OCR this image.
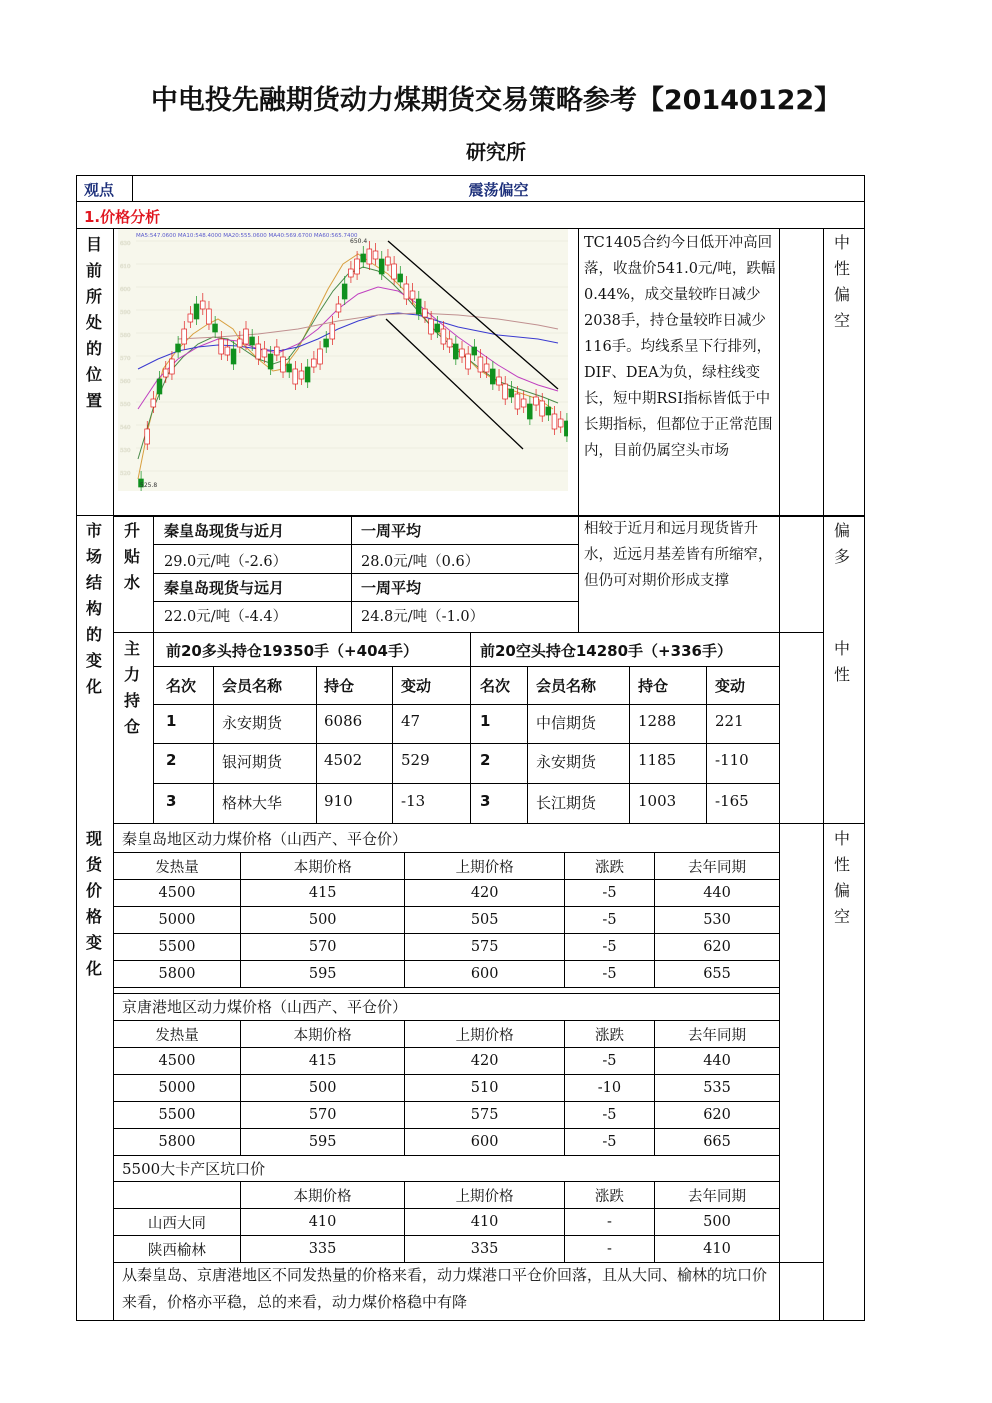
中电投先融期货动力煤期货交易策略参考【20140122】
研究所
观点	震荡偏空
1.价格分析
目前所处的位置
630
610
600
590
580
570
560
550
540
530
520
MA5:547.0600 MA10:548.4000 MA20:555.0600 MA40:569.6700 MA60:565.7400
650.4
525.8
TC1405合约今日低开冲高回落，收盘价541.0元/吨，跌幅0.44%，成交量较昨日减少2038手，持仓量较昨日减少116手。均线系呈下行排列，DIF、DEA为负，绿柱线变长，短中期RSI指标皆低于中长期指标，但都位于正常范围内，目前仍属空头市场
中性偏空
市场结构的变化
升贴水
秦皇岛现货与近月	一周平均
29.0元/吨（-2.6）	28.0元/吨（0.6）
秦皇岛现货与远月	一周平均
22.0元/吨（-4.4）	24.8元/吨（-1.0）
相较于近月和远月现货皆升水，近远月基差皆有所缩窄，但仍可对期价形成支撑
偏多
主力持仓
前20多头持仓19350手（+404手）	前20空头持仓14280手（+336手）
名次 会员名称	持仓	变动	名次 会员名称	持仓	变动
1	永安期货	6086	47	1	中信期货	1288	221
2	银河期货	4502	529	2	永安期货	1185	-110
3	格林大华	910	-13	3	长江期货	1003	-165
中性
现货价格变化
中性偏空
秦皇岛地区动力煤价格（山西产、平仓价）
京唐港地区动力煤价格（山西产、平仓价）
5500大卡产区坑口价
发热量	本期价格	上期价格	涨跌	去年同期
4500	415	420	-5	440
5000	500	505	-5	530
5500	570	575	-5	620
5800	595	600	-5	655
发热量	本期价格	上期价格	涨跌	去年同期
4500	415	420	-5	440
5000	500	510	-10	535
5500	570	575	-5	620
5800	595	600	-5	665
	本期价格	上期价格	涨跌	去年同期
山西大同	410	410	-	500
陕西榆林	335	335	-	410
从秦皇岛、京唐港地区不同发热量的价格来看，动力煤港口平仓价回落，且从大同、榆林的坑口价来看，价格亦平稳，总的来看，动力煤价格稳中有降
